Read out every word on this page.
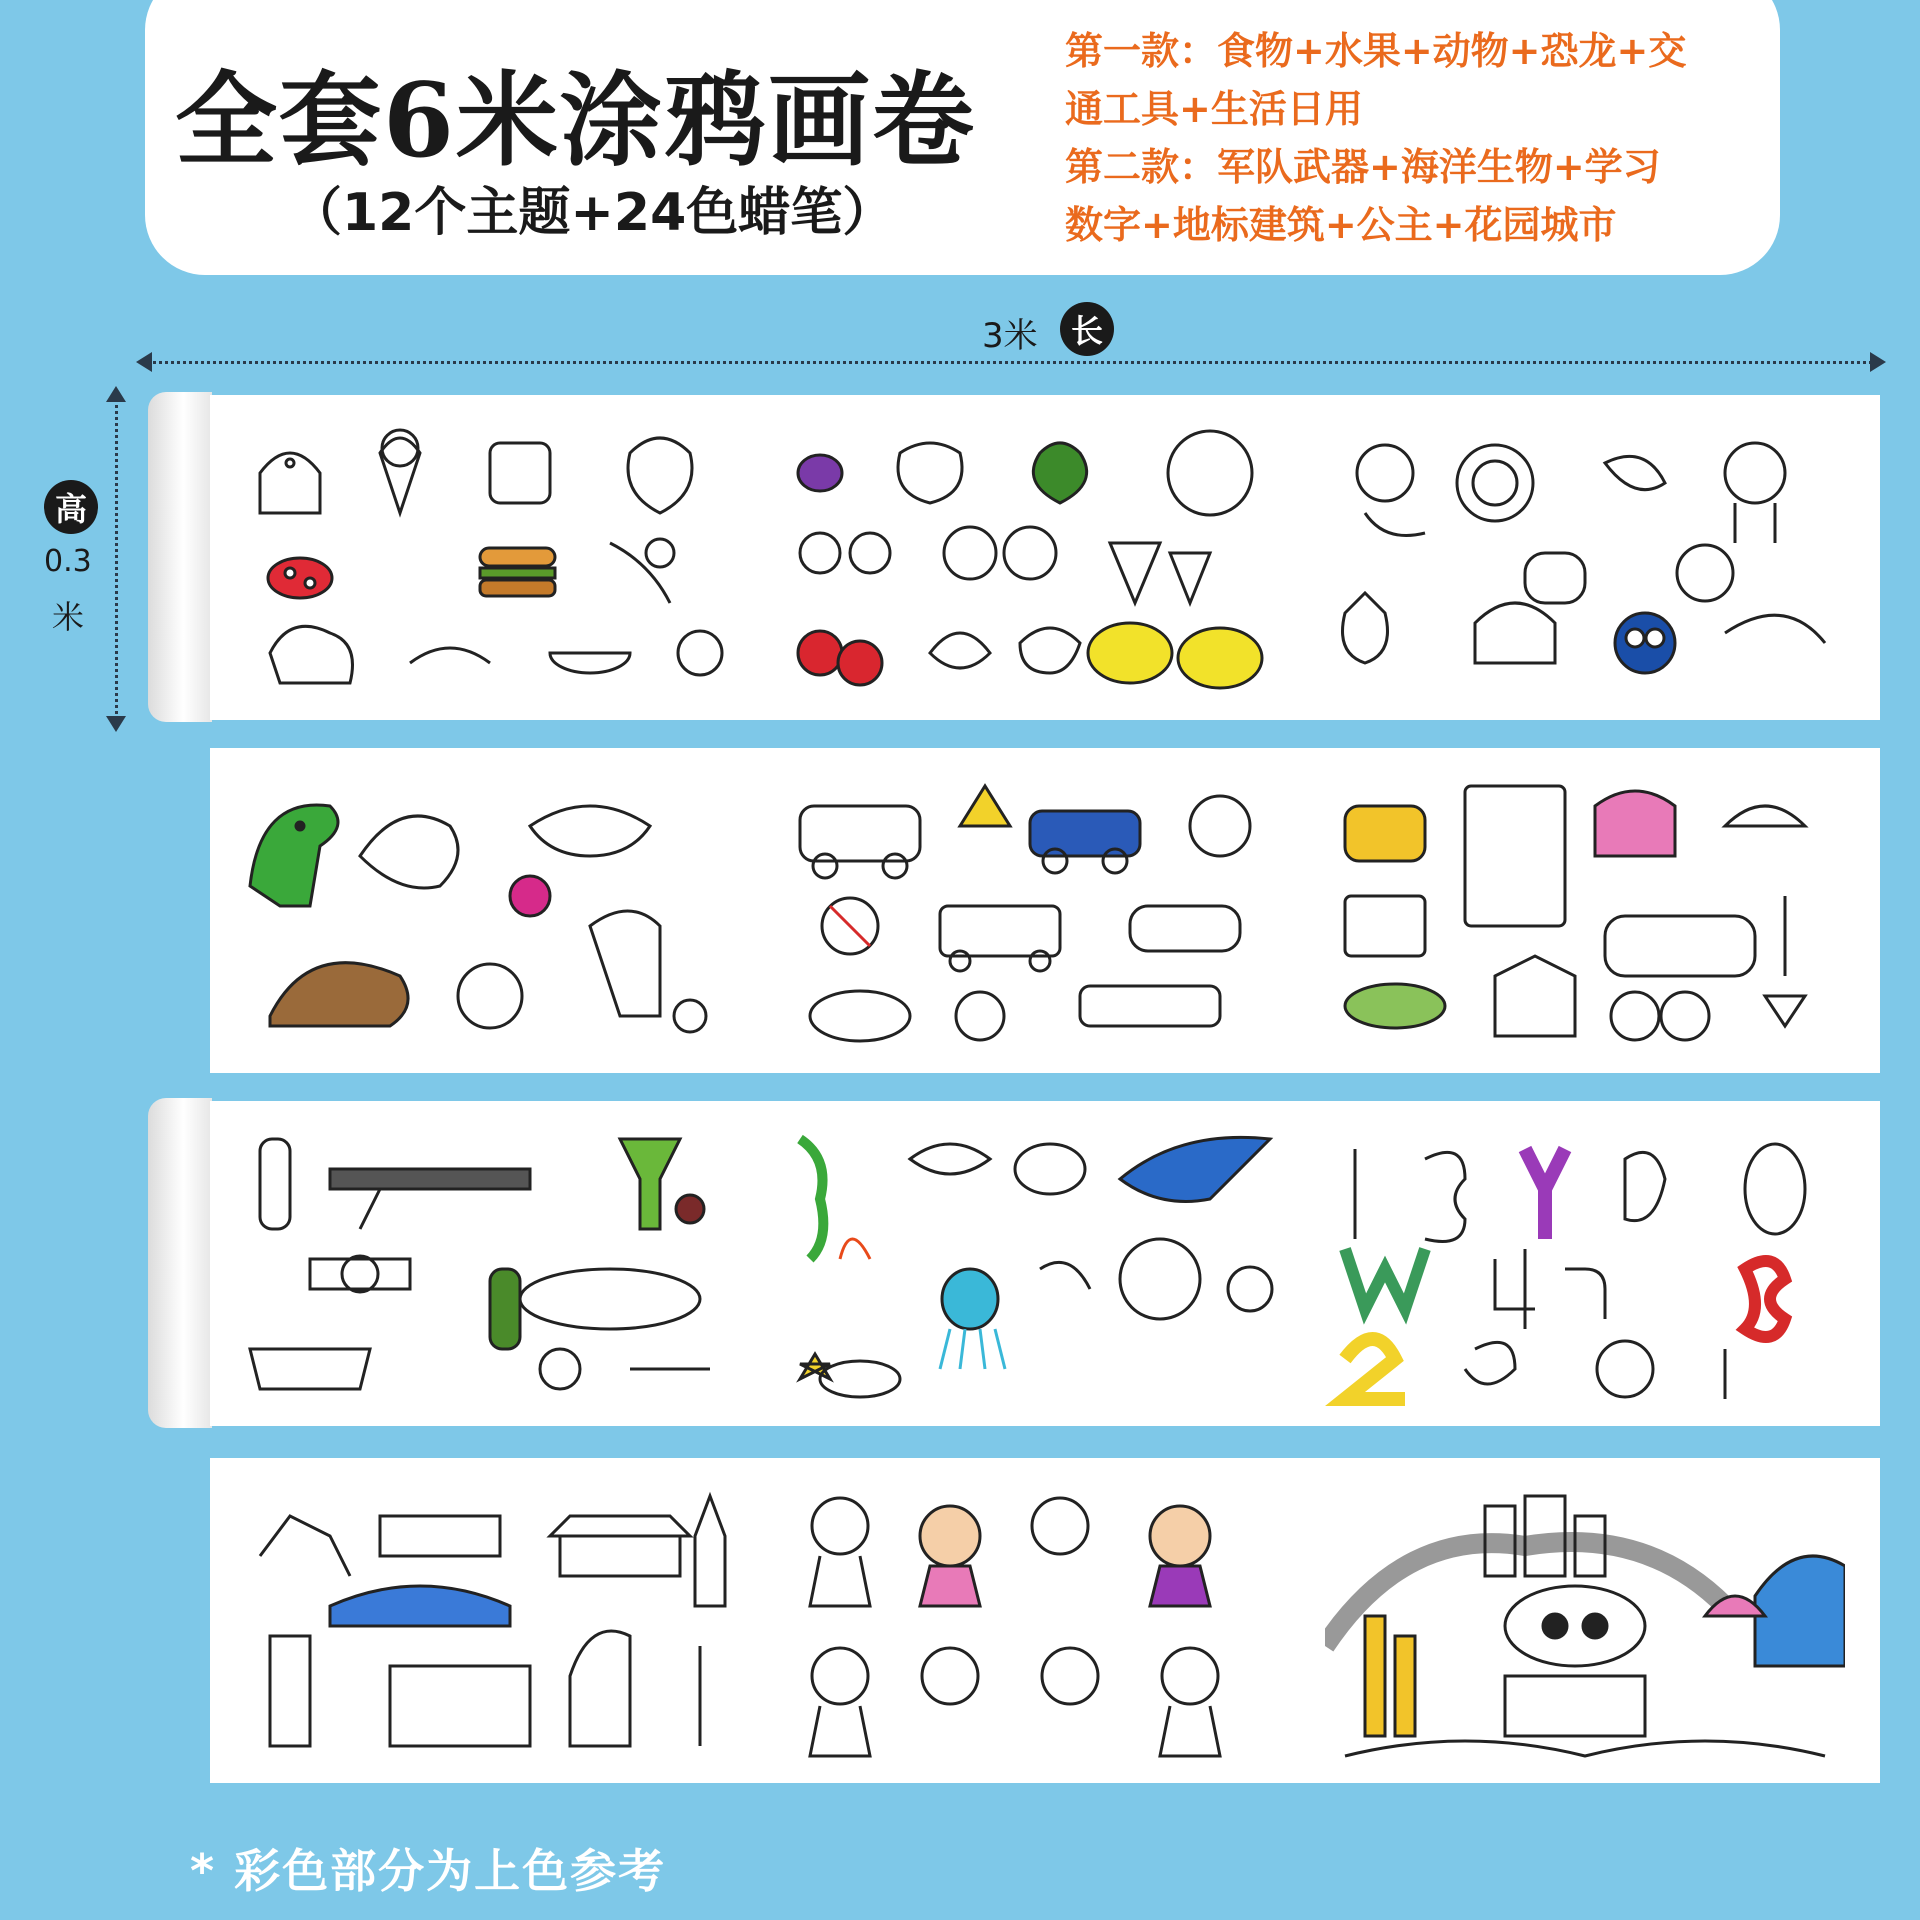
全套6米涂鸦画卷
（12个主题+24色蜡笔）
第一款：食物+水果+动物+恐龙+交
通工具+生活日用
第二款：军队武器+海洋生物+学习
数字+地标建筑+公主+花园城市
3米	长
高
0.3
米
* 彩色部分为上色参考
